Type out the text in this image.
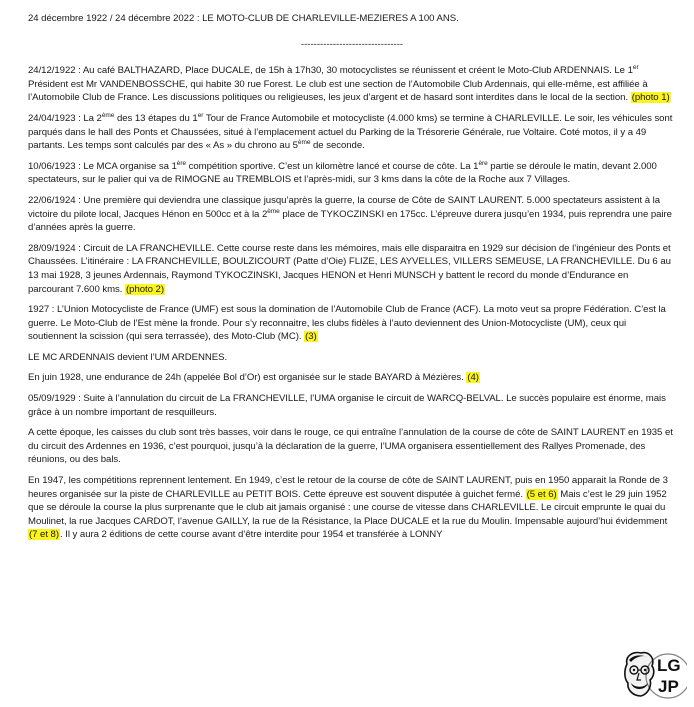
24 décembre 1922 / 24 décembre 2022 : LE MOTO-CLUB DE CHARLEVILLE-MEZIERES A 100 ANS.
--------------------------------
24/12/1922 : Au café BALTHAZARD, Place DUCALE, de 15h à 17h30, 30 motocyclistes se réunissent et créent le Moto-Club ARDENNAIS. Le 1er Président est Mr VANDENBOSSCHE, qui habite 30 rue Forest. Le club est une section de l’Automobile Club Ardennais, qui elle-même, est affiliée à l’Automobile Club de France. Les discussions politiques ou religieuses, les jeux d’argent et de hasard sont interdites dans le local de la section. (photo 1)
24/04/1923 : La 2ème des 13 étapes du 1er Tour de France Automobile et motocycliste (4.000 kms) se termine à CHARLEVILLE. Le soir, les véhicules sont parqués dans le hall des Ponts et Chaussées, situé à l’emplacement actuel du Parking de la Trésorerie Générale, rue Voltaire. Coté motos, il y a 49 partants. Les temps sont calculés par des « As » du chrono au 5ème de seconde.
10/06/1923 : Le MCA organise sa 1ère compétition sportive. C’est un kilomètre lancé et course de côte. La 1ère partie se déroule le matin, devant 2.000 spectateurs, sur le palier qui va de RIMOGNE au TREMBLOIS et l’après-midi, sur 3 kms dans la côte de la Roche aux 7 Villages.
22/06/1924 : Une première qui deviendra une classique jusqu’après la guerre, la course de Côte de SAINT LAURENT. 5.000 spectateurs assistent à la victoire du pilote local, Jacques Hénon en 500cc et à la 2ème place de TYKOCZINSKI en 175cc. L’épreuve durera jusqu’en 1934, puis reprendra une paire d’années après la guerre.
28/09/1924 : Circuit de LA FRANCHEVILLE. Cette course reste dans les mémoires, mais elle disparaitra en 1929 sur décision de l’ingénieur des Ponts et Chaussées. L’itinéraire : LA FRANCHEVILLE, BOULZICOURT (Patte d’Oie) FLIZE, LES AYVELLES, VILLERS SEMEUSE, LA FRANCHEVILLE. Du 6 au 13 mai 1928, 3 jeunes Ardennais, Raymond TYKOCZINSKI, Jacques HENON et Henri MUNSCH y battent le record du monde d’Endurance en parcourant 7.600 kms. (photo 2)
1927 : L’Union Motocycliste de France (UMF) est sous la domination de l’Automobile Club de France (ACF). La moto veut sa propre Fédération. C’est la guerre. Le Moto-Club de l’Est mène la fronde. Pour s’y reconnaitre, les clubs fidèles à l’auto deviennent des Union-Motocycliste (UM), ceux qui soutiennent la scission (qui sera terrassée), des Moto-Club (MC). (3)
LE MC ARDENNAIS devient l’UM ARDENNES.
En juin 1928, une endurance de 24h (appelée Bol d’Or) est organisée sur le stade BAYARD à Mézières. (4)
05/09/1929 : Suite à l’annulation du circuit de La FRANCHEVILLE, l’UMA organise le circuit de WARCQ-BELVAL. Le succès populaire est énorme, mais grâce à un nombre important de resquilleurs.
A cette époque, les caisses du club sont très basses, voir dans le rouge, ce qui entraîne l’annulation de la course de côte de SAINT LAURENT en 1935 et du circuit des Ardennes en 1936, c’est pourquoi, jusqu’à la déclaration de la guerre, l’UMA organisera essentiellement des Rallyes Promenade, des réunions, ou des bals.
En 1947, les compétitions reprennent lentement. En 1949, c’est le retour de la course de côte de SAINT LAURENT, puis en 1950 apparait la Ronde de 3 heures organisée sur la piste de CHARLEVILLE au PETIT BOIS. Cette épreuve est souvent disputée à guichet fermé. (5 et 6) Mais c’est le 29 juin 1952 que se déroule la course la plus surprenante que le club ait jamais organisé : une course de vitesse dans CHARLEVILLE. Le circuit emprunte le quai du Moulinet, la rue Jacques CARDOT, l’avenue GAILLY, la rue de la Résistance, la Place DUCALE et la rue du Moulin. Impensable aujourd’hui évidemment (7 et 8). Il y aura 2 éditions de cette course avant d’être interdite pour 1954 et transférée à LONNY
LG
JP
